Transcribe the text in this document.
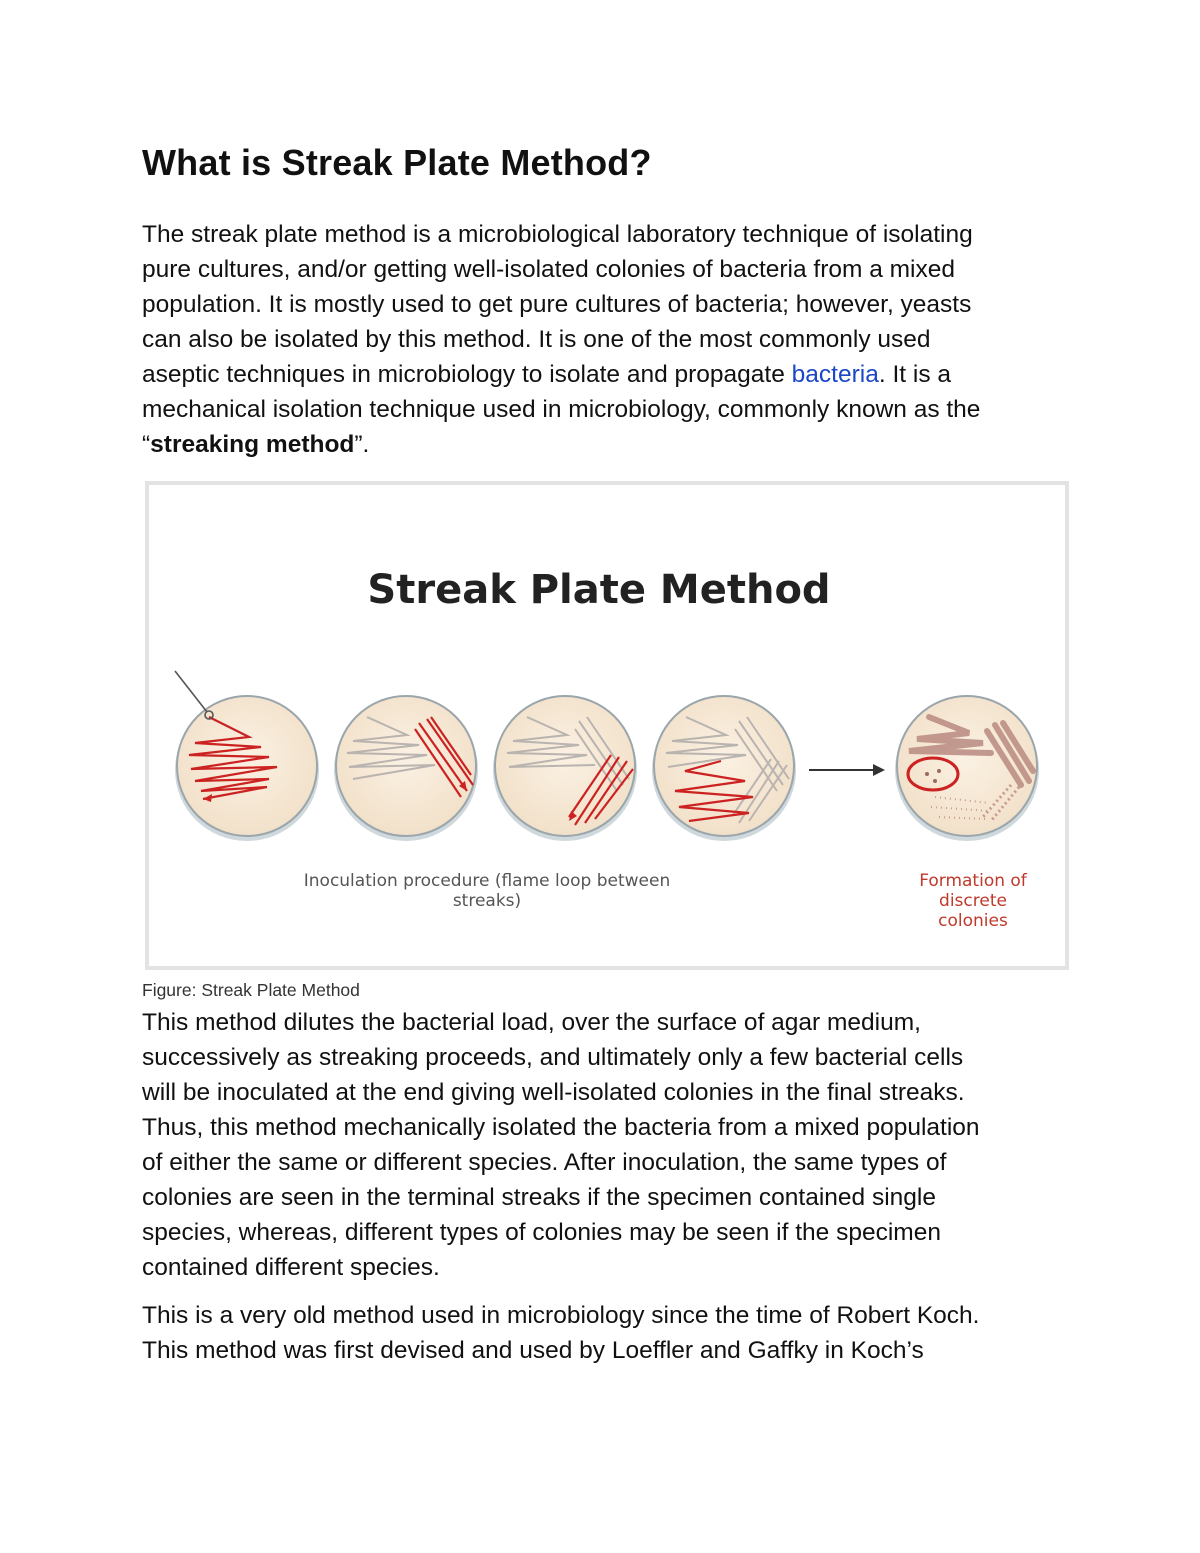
What is Streak Plate Method?

The streak plate method is a microbiological laboratory technique of isolating
pure cultures, and/or getting well-isolated colonies of bacteria from a mixed
population. It is mostly used to get pure cultures of bacteria; however, yeasts
can also be isolated by this method. It is one of the most commonly used
aseptic techniques in microbiology to isolate and propagate bacteria. It is a
mechanical isolation technique used in microbiology, commonly known as the
“streaking method”.

Streak Plate Method
Inoculation procedure (flame loop between
streaks)
Formation of
discrete
colonies
Figure: Streak Plate Method

This method dilutes the bacterial load, over the surface of agar medium,
successively as streaking proceeds, and ultimately only a few bacterial cells
will be inoculated at the end giving well-isolated colonies in the final streaks.
Thus, this method mechanically isolated the bacteria from a mixed population
of either the same or different species. After inoculation, the same types of
colonies are seen in the terminal streaks if the specimen contained single
species, whereas, different types of colonies may be seen if the specimen
contained different species.

This is a very old method used in microbiology since the time of Robert Koch.
This method was first devised and used by Loeffler and Gaffky in Koch’s
